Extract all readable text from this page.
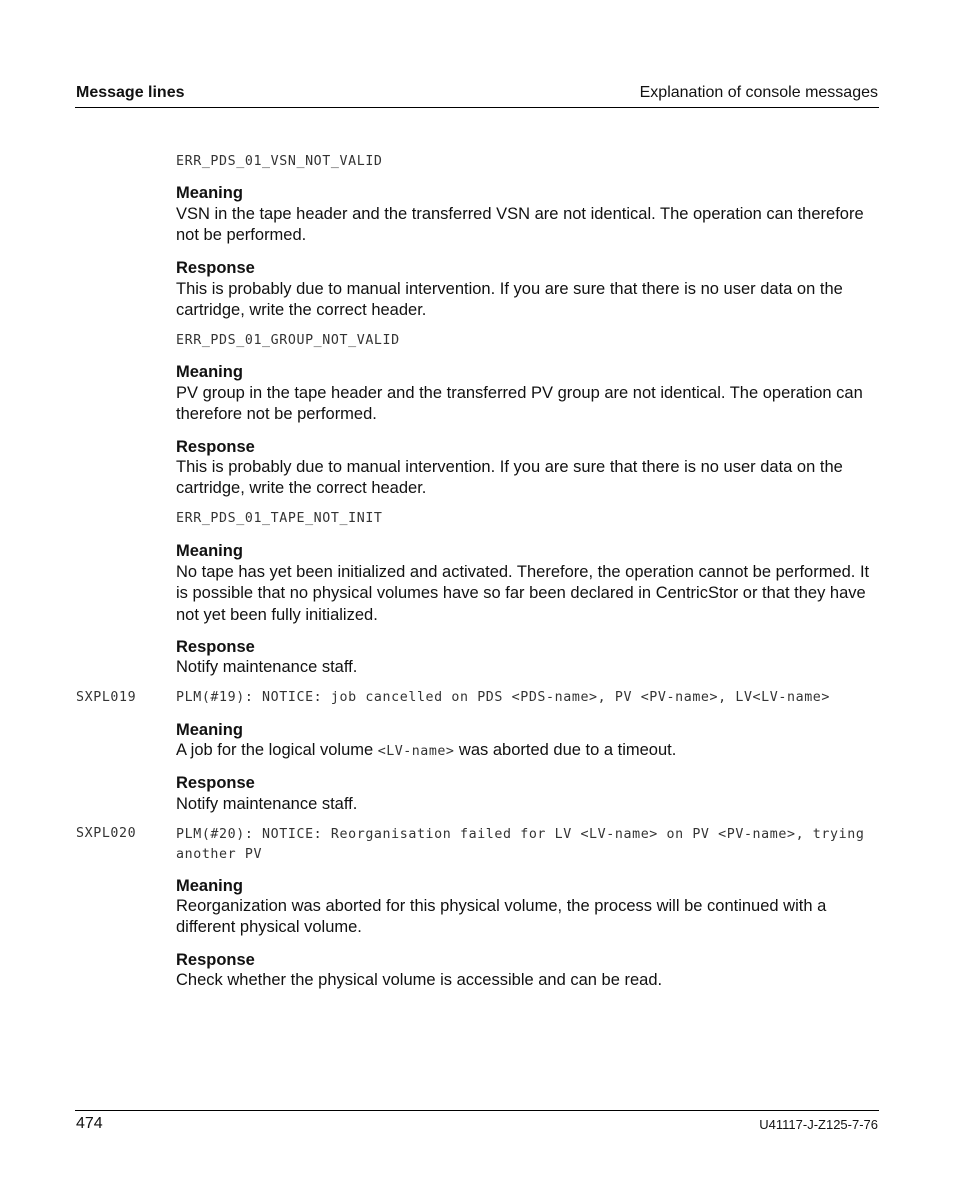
Message lines	Explanation of console messages
ERR_PDS_01_VSN_NOT_VALID
Meaning
VSN in the tape header and the transferred VSN are not identical. The operation can therefore not be performed.
Response
This is probably due to manual intervention. If you are sure that there is no user data on the cartridge, write the correct header.
ERR_PDS_01_GROUP_NOT_VALID
Meaning
PV group in the tape header and the transferred PV group are not identical. The operation can therefore not be performed.
Response
This is probably due to manual intervention. If you are sure that there is no user data on the cartridge, write the correct header.
ERR_PDS_01_TAPE_NOT_INIT
Meaning
No tape has yet been initialized and activated. Therefore, the operation cannot be performed. It is possible that no physical volumes have so far been declared in CentricStor or that they have not yet been fully initialized.
Response
Notify maintenance staff.
SXPL019	PLM(#19): NOTICE: job cancelled on PDS <PDS-name>, PV <PV-name>, LV<LV-name>
Meaning
A job for the logical volume <LV-name> was aborted due to a timeout.
Response
Notify maintenance staff.
SXPL020	PLM(#20): NOTICE: Reorganisation failed for LV <LV-name> on PV <PV-name>, trying another PV
Meaning
Reorganization was aborted for this physical volume, the process will be continued with a different physical volume.
Response
Check whether the physical volume is accessible and can be read.
474	U41117-J-Z125-7-76
